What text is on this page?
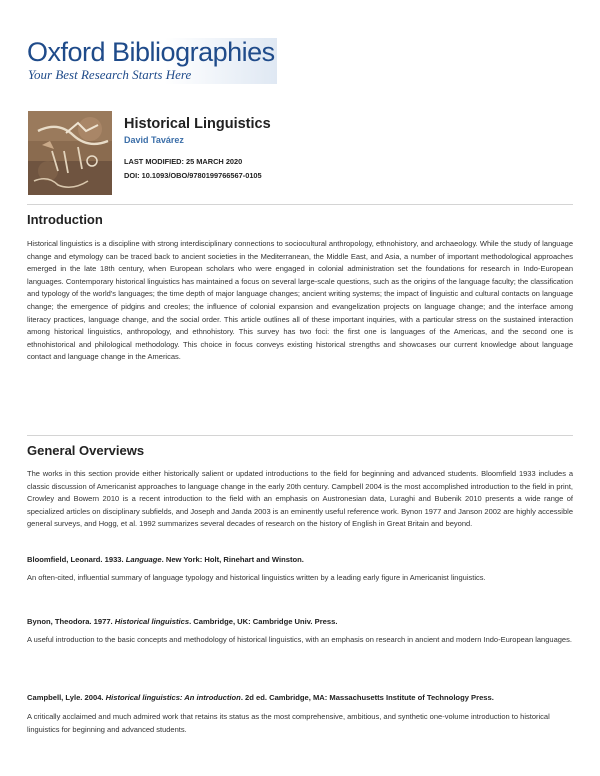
Oxford Bibliographies
Your Best Research Starts Here
Historical Linguistics
David Tavárez
LAST MODIFIED: 25 MARCH 2020
DOI: 10.1093/OBO/9780199766567-0105
Introduction

Historical linguistics is a discipline with strong interdisciplinary connections to sociocultural anthropology, ethnohistory, and archaeology. While the study of language change and etymology can be traced back to ancient societies in the Mediterranean, the Middle East, and Asia, a number of important methodological approaches emerged in the late 18th century, when European scholars who were engaged in colonial administration set the foundations for research in Indo-European languages. Contemporary historical linguistics has maintained a focus on several large-scale questions, such as the origins of the language faculty; the classification and typology of the world's languages; the time depth of major language changes; ancient writing systems; the impact of linguistic and cultural contacts on language change; the emergence of pidgins and creoles; the influence of colonial expansion and evangelization projects on language change; and the interface among literacy practices, language change, and the social order. This article outlines all of these important inquiries, with a particular stress on the sustained interaction among historical linguistics, anthropology, and ethnohistory. This survey has two foci: the first one is languages of the Americas, and the second one is ethnohistorical and philological methodology. This choice in focus conveys existing historical strengths and showcases our current knowledge about language contact and language change in the Americas.

General Overviews

The works in this section provide either historically salient or updated introductions to the field for beginning and advanced students. Bloomfield 1933 includes a classic discussion of Americanist approaches to language change in the early 20th century. Campbell 2004 is the most accomplished introduction to the field in print, Crowley and Bowern 2010 is a recent introduction to the field with an emphasis on Austronesian data, Luraghi and Bubenik 2010 presents a wide range of specialized articles on disciplinary subfields, and Joseph and Janda 2003 is an eminently useful reference work. Bynon 1977 and Janson 2002 are highly accessible general surveys, and Hogg, et al. 1992 summarizes several decades of research on the history of English in Great Britain and beyond.

Bloomfield, Leonard. 1933. Language. New York: Holt, Rinehart and Winston.

An often-cited, influential summary of language typology and historical linguistics written by a leading early figure in Americanist linguistics.

Bynon, Theodora. 1977. Historical linguistics. Cambridge, UK: Cambridge Univ. Press.

A useful introduction to the basic concepts and methodology of historical linguistics, with an emphasis on research in ancient and modern Indo-European languages.

Campbell, Lyle. 2004. Historical linguistics: An introduction. 2d ed. Cambridge, MA: Massachusetts Institute of Technology Press.

A critically acclaimed and much admired work that retains its status as the most comprehensive, ambitious, and synthetic one-volume introduction to historical linguistics for beginning and advanced students.
